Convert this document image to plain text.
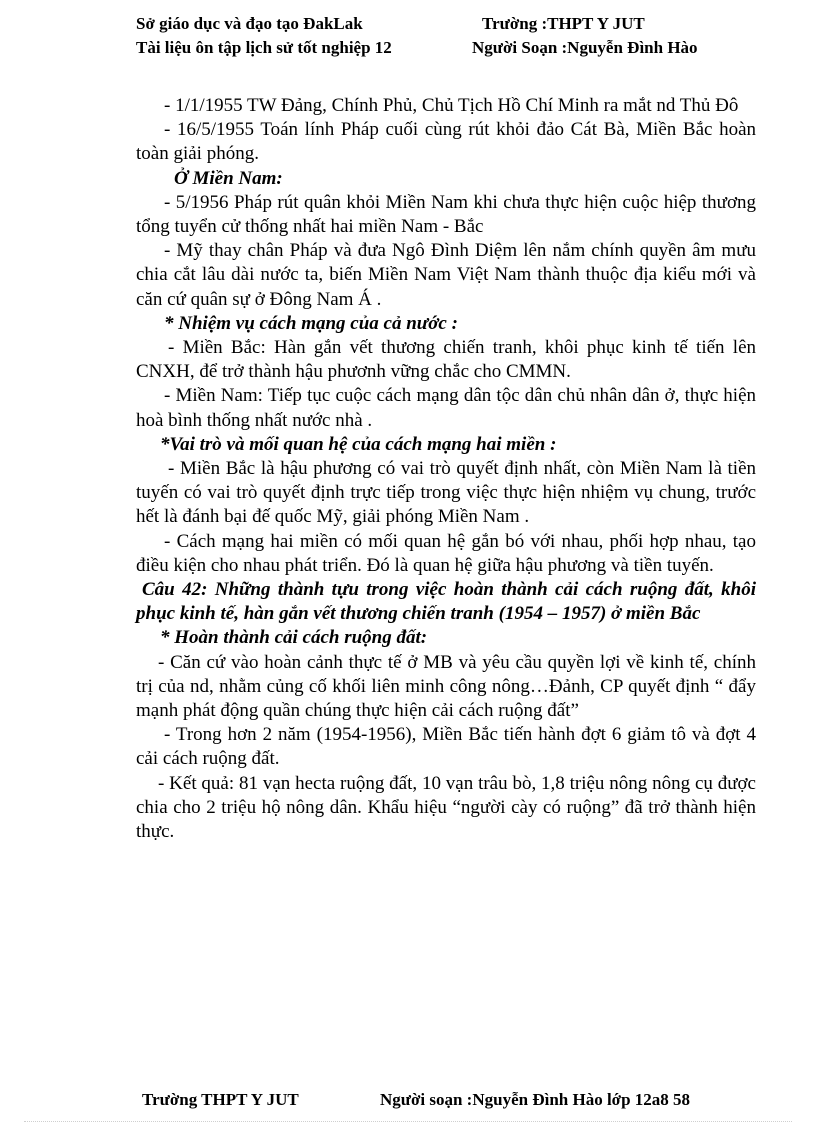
Sở giáo dục và đạo tạo ĐakLak	Trường :THPT Y JUT
Tài liệu ôn tập lịch sử tốt nghiệp 12	Người Soạn :Nguyễn Đình Hào

- 1/1/1955 TW Đảng, Chính Phủ, Chủ Tịch Hồ Chí Minh ra mắt nd Thủ Đô

- 16/5/1955 Toán lính Pháp cuối cùng rút khỏi đảo Cát Bà, Miền Bắc hoàn toàn giải phóng.

Ở Miền Nam:

- 5/1956 Pháp rút quân khỏi Miền Nam khi chưa thực hiện cuộc hiệp thương tổng tuyển cử thống nhất hai miền Nam - Bắc

- Mỹ thay chân Pháp và đưa Ngô Đình Diệm lên nắm chính quyền âm mưu chia cắt lâu dài nước ta, biến Miền Nam Việt Nam thành thuộc địa kiểu mới và căn cứ quân sự ở Đông Nam Á .

* Nhiệm vụ cách mạng của cả nước :

- Miền Bắc: Hàn gắn vết thương chiến tranh, khôi phục kinh tế tiến lên CNXH, để trở thành hậu phươnh vững chắc cho CMMN.

- Miền Nam: Tiếp tục cuộc cách mạng dân tộc dân chủ nhân dân ở, thực hiện hoà bình thống nhất nước nhà .

*Vai trò và mối quan hệ của cách mạng hai miền :

- Miền Bắc là hậu phương có vai trò quyết định nhất, còn Miền Nam là tiền tuyến có vai trò quyết định trực tiếp trong việc thực hiện nhiệm vụ chung, trước hết là đánh bại đế quốc Mỹ, giải phóng Miền Nam .

- Cách mạng hai miền có mối quan hệ gắn bó với nhau, phối hợp nhau, tạo điều kiện cho nhau phát triển. Đó là quan hệ giữa hậu phương và tiền tuyến.

Câu 42: Những thành tựu trong việc hoàn thành cải cách ruộng đất, khôi phục kinh tế, hàn gắn vết thương chiến tranh (1954 – 1957) ở miền Bắc

* Hoàn thành cải cách ruộng đất:

- Căn cứ vào hoàn cảnh thực tế ở MB và yêu cầu quyền lợi về kinh tế, chính trị của nd, nhằm củng cố khối liên minh công nông…Đảnh, CP quyết định “ đẩy mạnh phát động quần chúng thực hiện cải cách ruộng đất”

- Trong hơn 2 năm (1954-1956), Miền Bắc tiến hành đợt 6 giảm tô và đợt 4 cải cách ruộng đất.

- Kết quả: 81 vạn hecta ruộng đất, 10 vạn trâu bò, 1,8 triệu nông nông cụ được chia cho 2 triệu hộ nông dân. Khẩu hiệu “người cày có ruộng” đã trở thành hiện thực.

Trường THPT Y JUT	Người soạn :Nguyễn Đình Hào lớp 12a8 58
